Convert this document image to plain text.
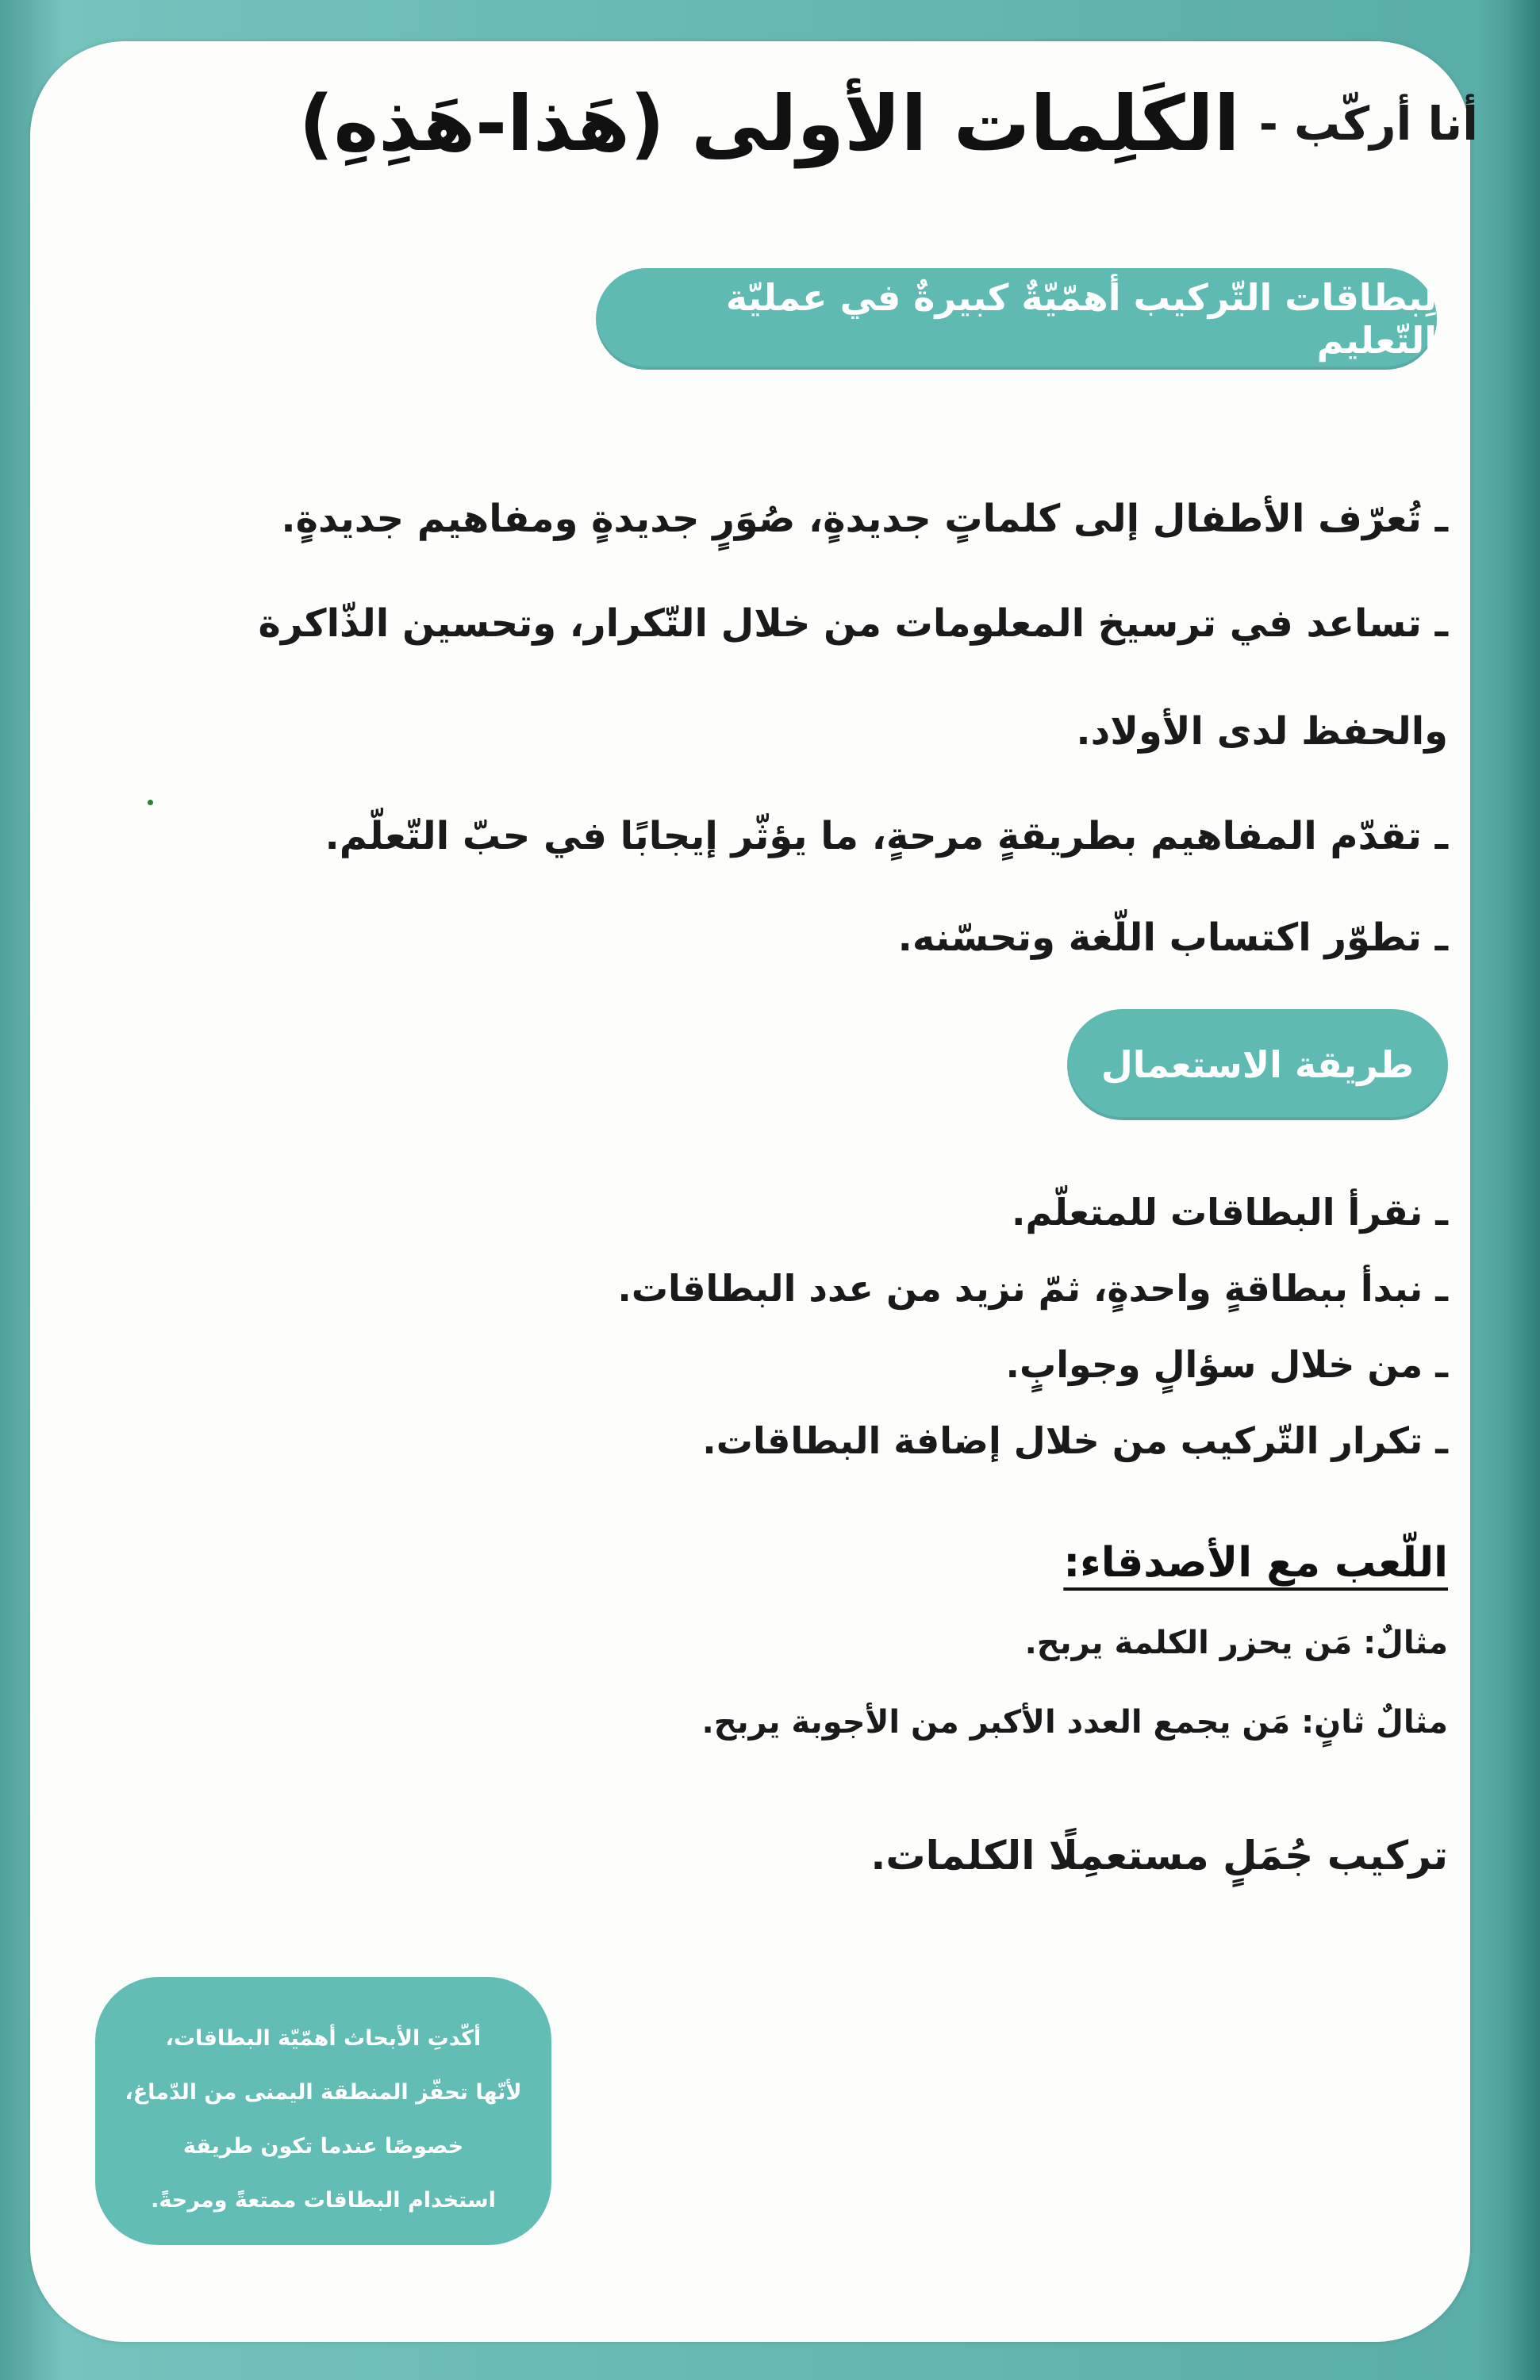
أنا أركّب -
الكَلِمات الأولى (هَذا-هَذِهِ)
لِبطاقات التّركيب أهمّيّةٌ كبيرةٌ في عمليّة التّعليم
ـ تُعرّف الأطفال إلى كلماتٍ جديدةٍ، صُوَرٍ جديدةٍ ومفاهيم جديدةٍ.
ـ تساعد في ترسيخ المعلومات من خلال التّكرار، وتحسين الذّاكرة
والحفظ لدى الأولاد.
ـ تقدّم المفاهيم بطريقةٍ مرحةٍ، ما يؤثّر إيجابًا في حبّ التّعلّم.
ـ تطوّر اكتساب اللّغة وتحسّنه.
طريقة الاستعمال
ـ نقرأ البطاقات للمتعلّم.
ـ نبدأ ببطاقةٍ واحدةٍ، ثمّ نزيد من عدد البطاقات.
ـ من خلال سؤالٍ وجوابٍ.
ـ تكرار التّركيب من خلال إضافة البطاقات.
اللّعب مع الأصدقاء:
مثالٌ: مَن يحزر الكلمة يربح.
مثالٌ ثانٍ: مَن يجمع العدد الأكبر من الأجوبة يربح.
تركيب جُمَلٍ مستعمِلًا الكلمات.
أكّدتِ الأبحاث أهمّيّة البطاقات،
لأنّها تحفّز المنطقة اليمنى من الدّماغ،
خصوصًا عندما تكون طريقة
استخدام البطاقات ممتعةً ومرحةً.
